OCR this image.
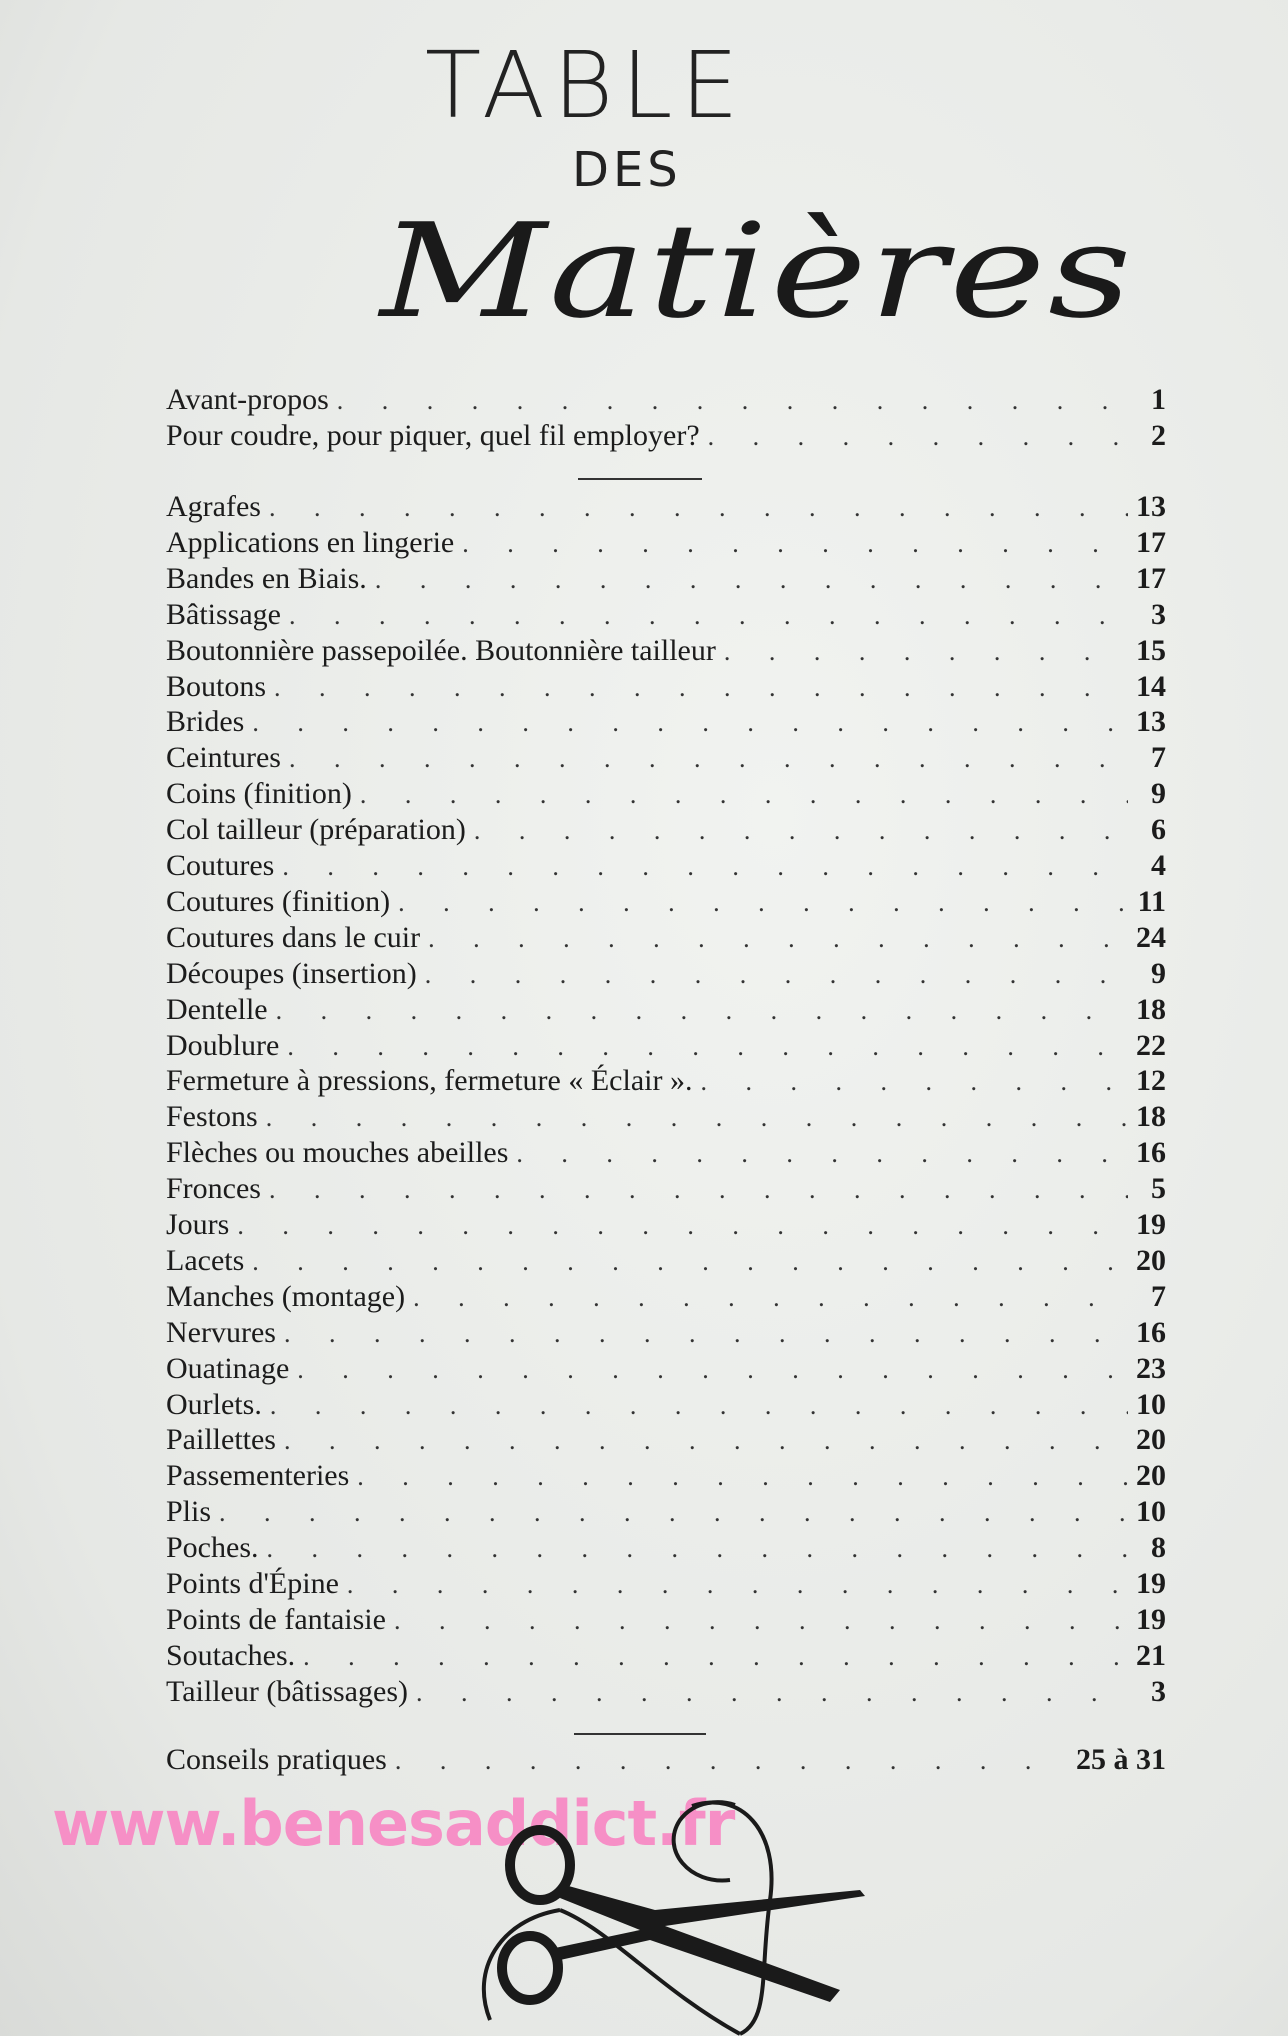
TABLE
DES
Matières
Avant-propos . . .	1
Pour coudre, pour piquer, quel fil employer? . . .	2
Agrafes . . .	13
Applications en lingerie . . .	17
Bandes en Biais. . . .	17
Bâtissage . . .	3
Boutonnière passepoilée. Boutonnière tailleur . . .	15
Boutons . . .	14
Brides . . .	13
Ceintures . . .	7
Coins (finition) . . .	9
Col tailleur (préparation) . . .	6
Coutures . . .	4
Coutures (finition) . . .	11
Coutures dans le cuir . . .	24
Découpes (insertion) . . .	9
Dentelle . . .	18
Doublure . . .	22
Fermeture à pressions, fermeture « Éclair ». . . .	12
Festons . . .	18
Flèches ou mouches abeilles . . .	16
Fronces . . .	5
Jours . . .	19
Lacets . . .	20
Manches (montage) . . .	7
Nervures . . .	16
Ouatinage . . .	23
Ourlets. . . .	10
Paillettes . . .	20
Passementeries . . .	20
Plis . . .	10
Poches. . . .	8
Points d'Épine . . .	19
Points de fantaisie . . .	19
Soutaches. . . .	21
Tailleur (bâtissages) . . .	3
Conseils pratiques . . .	25 à 31
www.benesaddict.fr
